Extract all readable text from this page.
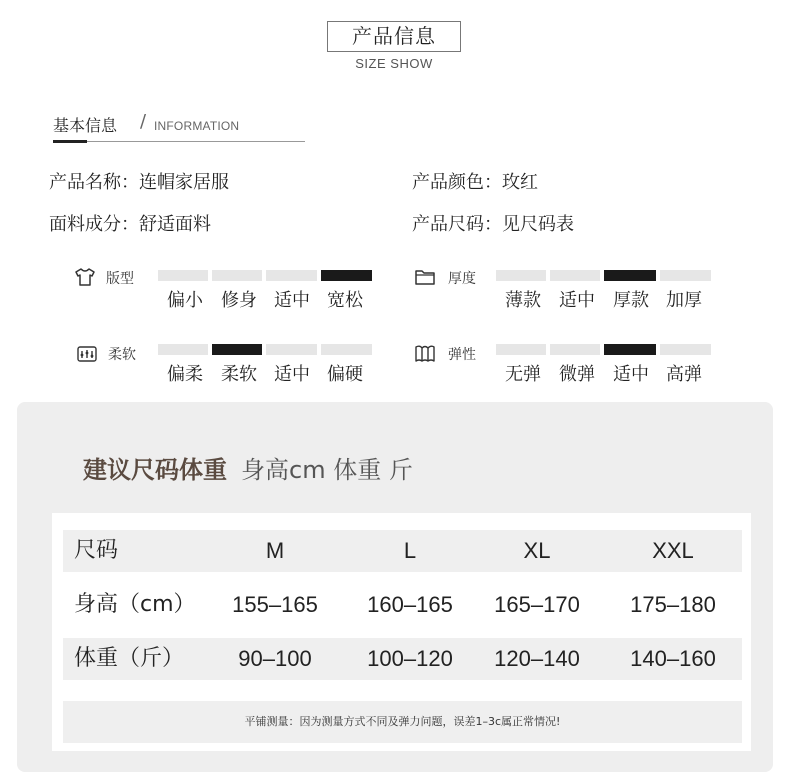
产品信息
SIZE SHOW
基本信息 / INFORMATION
产品名称：连帽家居服	产品颜色：玫红
面料成分：舒适面料	产品尺码：见尺码表
版型
偏小	修身 适中 宽松
厚度
薄款	适中	厚款 加厚
柔软
偏柔	柔软 适中 偏硬
弹性
无弹	微弹	适中 高弹
建议尺码体重 身高cm 体重 斤
尺码	M	L	XL	XXL
身高（cm）	155–165	160–165	165–170	175–180
体重（斤）	90–100	100–120	120–140	140–160
平铺测量：因为测量方式不同及弹力问题，误差1–3c属正常情况!
